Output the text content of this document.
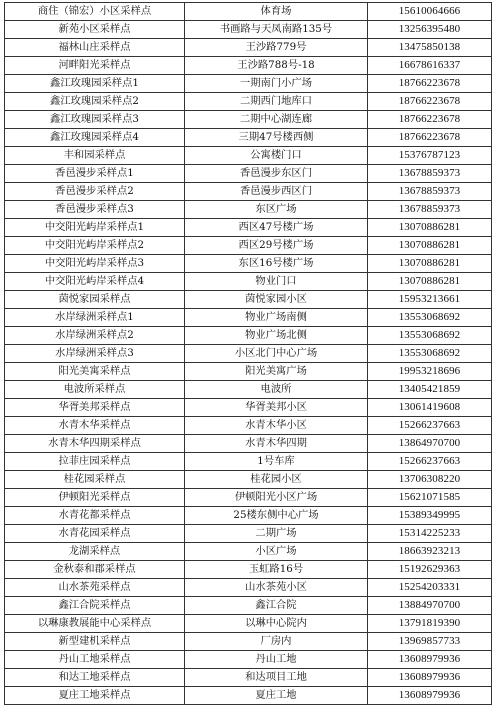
商住（锦宏）小区采样点	体育场	15610064666
新苑小区采样点	书画路与天凤南路135号	13256395480
福林山庄采样点	王沙路779号	13475850138
河畔阳光采样点	王沙路788号-18	16678616337
鑫江玫瑰园采样点1	一期南门小广场	18766223678
鑫江玫瑰园采样点2	二期西门地库口	18766223678
鑫江玫瑰园采样点3	二期中心湖连廊	18766223678
鑫江玫瑰园采样点4	三期47号楼西侧	18766223678
丰和园采样点	公寓楼门口	15376787123
香邑漫步采样点1	香邑漫步东区门	13678859373
香邑漫步采样点2	香邑漫步西区门	13678859373
香邑漫步采样点3	东区广场	13678859373
中交阳光屿岸采样点1	西区47号楼广场	13070886281
中交阳光屿岸采样点2	西区29号楼广场	13070886281
中交阳光屿岸采样点3	东区16号楼广场	13070886281
中交阳光屿岸采样点4	物业门口	13070886281
茵悦家园采样点	茵悦家园小区	15953213661
水岸绿洲采样点1	物业广场南侧	13553068692
水岸绿洲采样点2	物业广场北侧	13553068692
水岸绿洲采样点3	小区北门中心广场	13553068692
阳光美寓采样点	阳光美寓广场	19953218696
电波所采样点	电波所	13405421859
华胥美邦采样点	华胥美邦小区	13061419608
水青木华采样点	水青木华小区	15266237663
水青木华四期采样点	水青木华四期	13864970700
拉菲庄园采样点	1号车库	15266237663
桂花园采样点	桂花园小区	13706308220
伊顿阳光采样点	伊顿阳光小区广场	15621071585
水青花都采样点	25楼东侧中心广场	15389349995
水青花园采样点	二期广场	15314225233
龙湖采样点	小区广场	18663923213
金秋泰和郡采样点	玉虹路16号	15192629363
山水茶苑采样点	山水茶苑小区	15254203331
鑫江合院采样点	鑫江合院	13884970700
以琳康教展能中心采样点	以琳中心院内	13791819390
新型建机采样点	厂房内	13969857733
丹山工地采样点	丹山工地	13608979936
和达工地采样点	和达项目工地	13608979936
夏庄工地采样点	夏庄工地	13608979936
